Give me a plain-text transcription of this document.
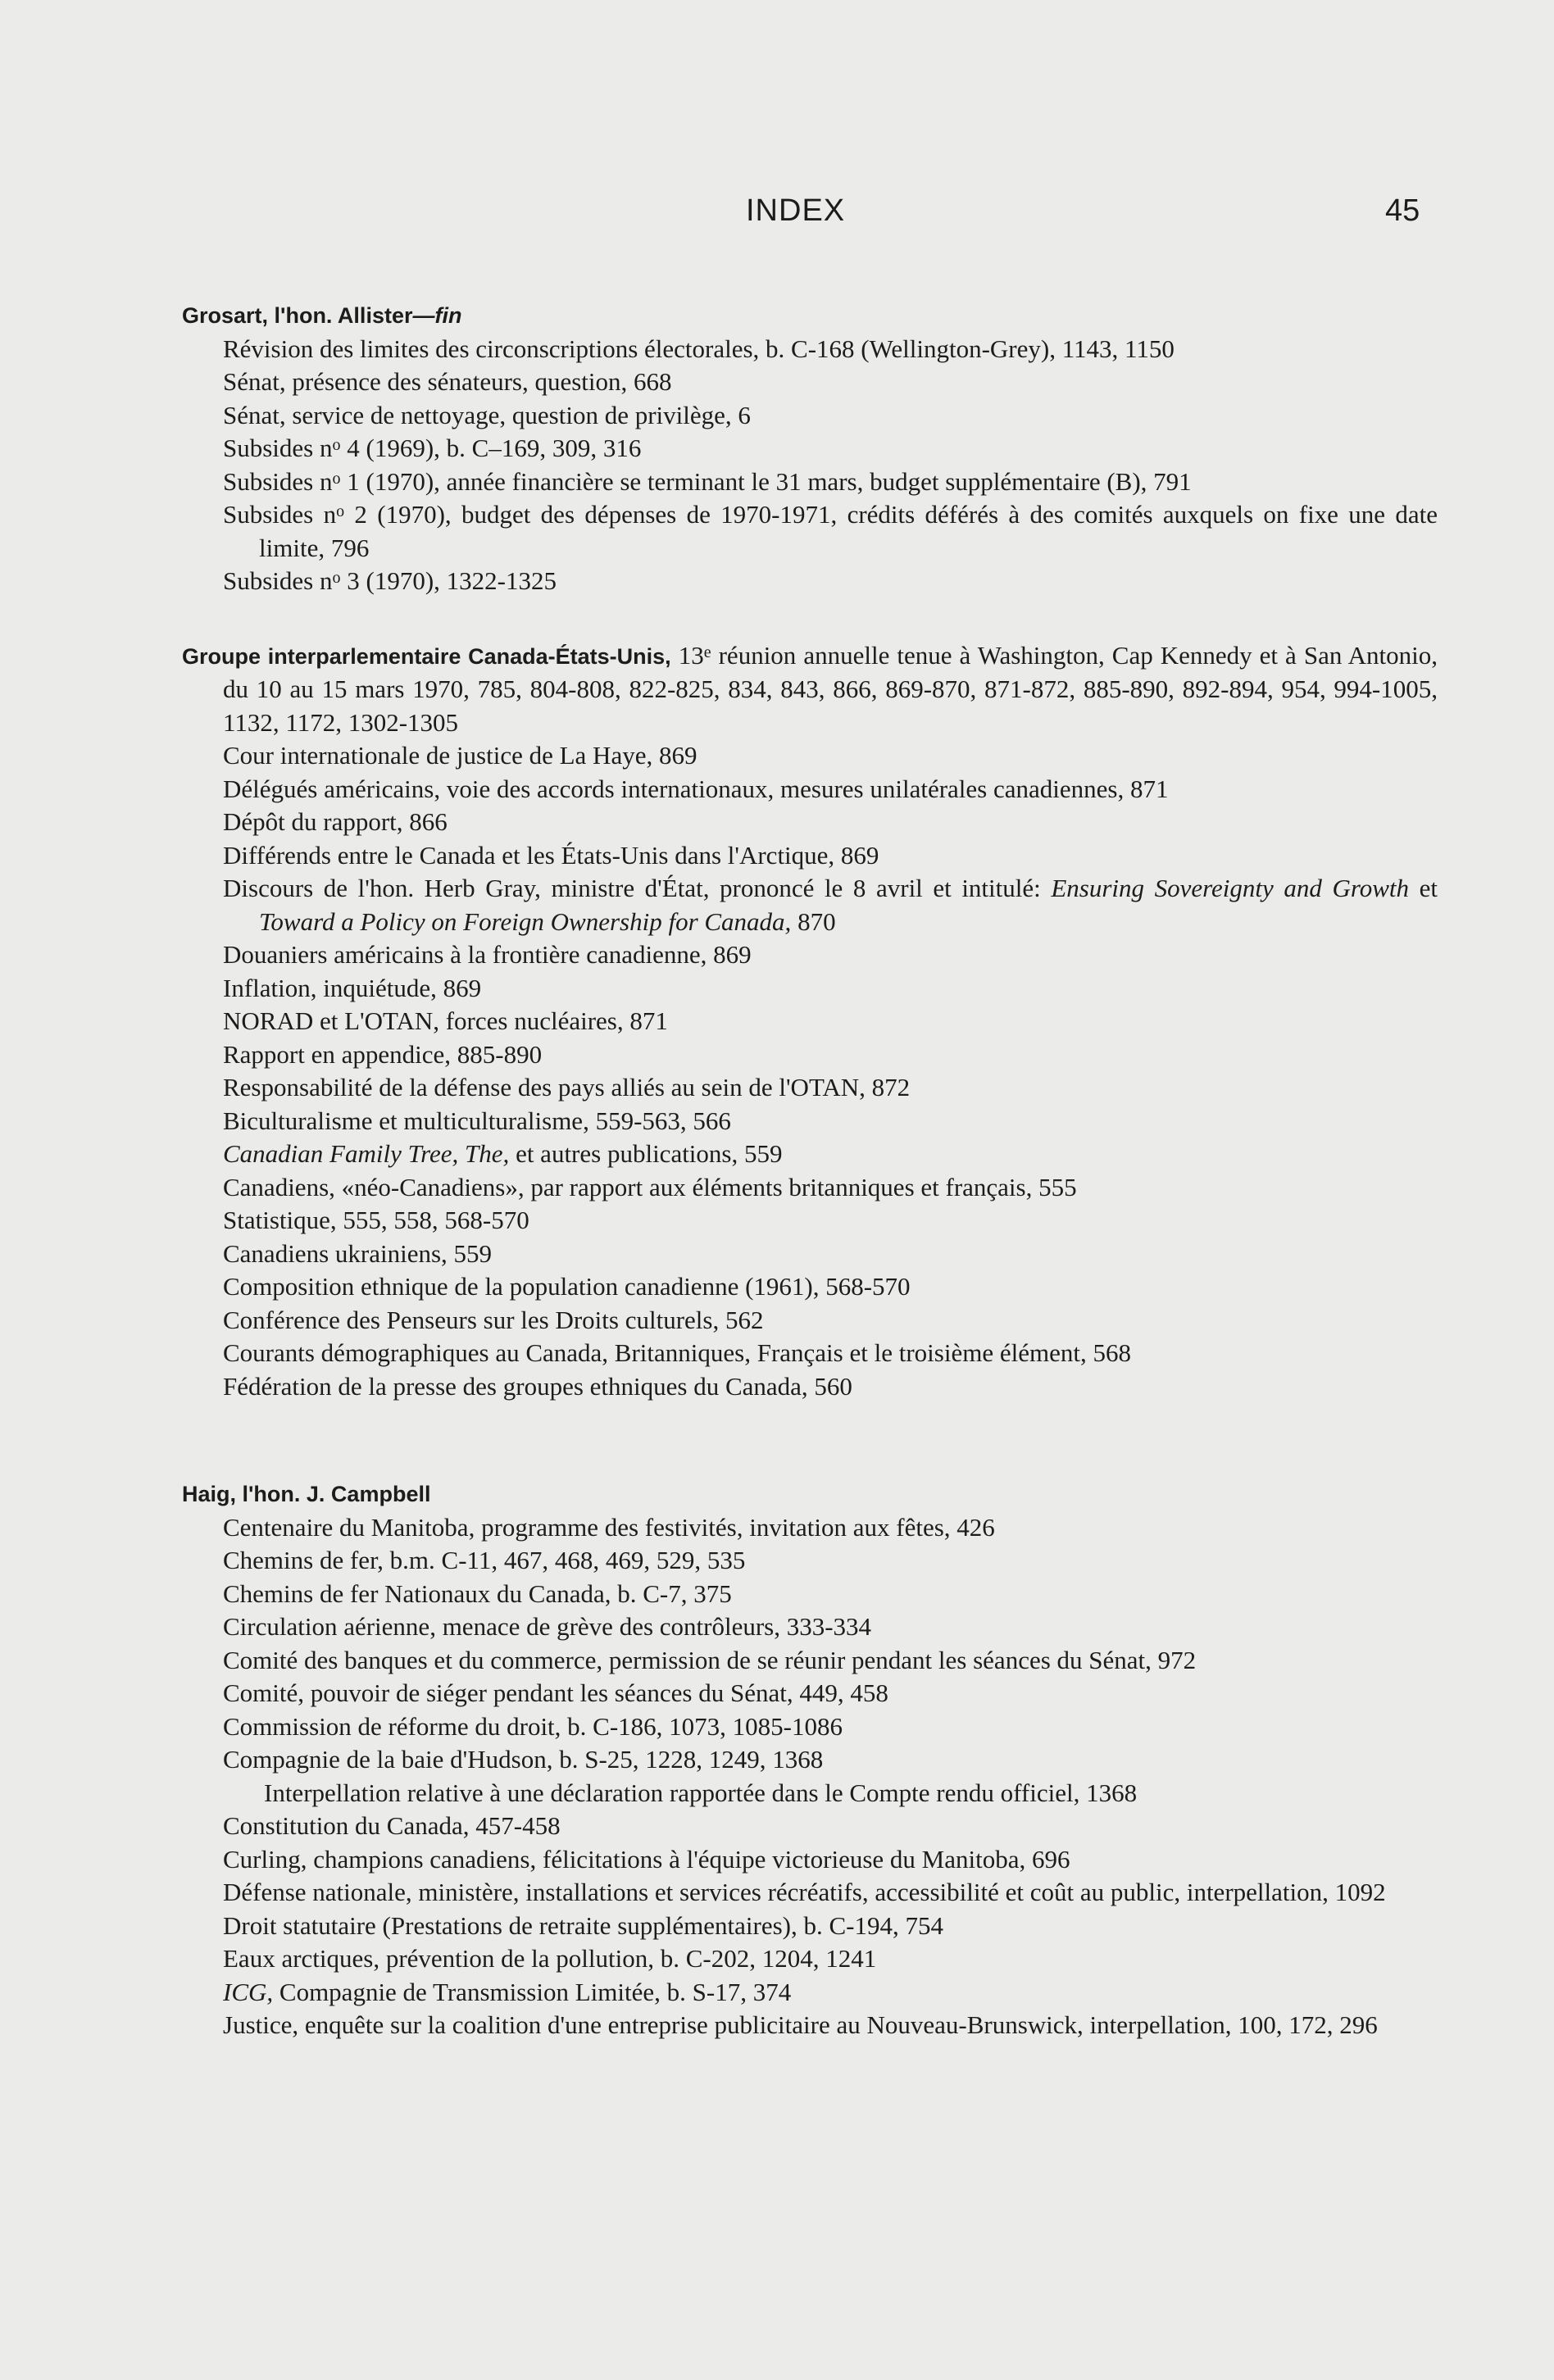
INDEX	45

Grosart, l'hon. Allister—fin

Révision des limites des circonscriptions électorales, b. C-168 (Wellington-Grey), 1143, 1150

Sénat, présence des sénateurs, question, 668

Sénat, service de nettoyage, question de privilège, 6

Subsides $n^o$ 4 (1969), b. C–169, 309, 316

Subsides $n^o$ 1 (1970), année financière se terminant le 31 mars, budget supplémentaire (B), 791

Subsides $n^o$ 2 (1970), budget des dépenses de 1970-1971, crédits déférés à des comités auxquels on fixe une date limite, 796

Subsides $n^o$ 3 (1970), 1322-1325

Groupe interparlementaire Canada-États-Unis, 13e réunion annuelle tenue à Washington, Cap Kennedy et à San Antonio, du 10 au 15 mars 1970, 785, 804-808, 822-825, 834, 843, 866, 869-870, 871-872, 885-890, 892-894, 954, 994-1005, 1132, 1172, 1302-1305

Cour internationale de justice de La Haye, 869

Délégués américains, voie des accords internationaux, mesures unilatérales canadiennes, 871

Dépôt du rapport, 866

Différends entre le Canada et les États-Unis dans l'Arctique, 869

Discours de l'hon. Herb Gray, ministre d'État, prononcé le 8 avril et intitulé: Ensuring Sovereignty and Growth et Toward a Policy on Foreign Ownership for Canada, 870

Douaniers américains à la frontière canadienne, 869

Inflation, inquiétude, 869

NORAD et L'OTAN, forces nucléaires, 871

Rapport en appendice, 885-890

Responsabilité de la défense des pays alliés au sein de l'OTAN, 872

Biculturalisme et multiculturalisme, 559-563, 566

Canadian Family Tree, The, et autres publications, 559

Canadiens, «néo-Canadiens», par rapport aux éléments britanniques et français, 555

Statistique, 555, 558, 568-570

Canadiens ukrainiens, 559

Composition ethnique de la population canadienne (1961), 568-570

Conférence des Penseurs sur les Droits culturels, 562

Courants démographiques au Canada, Britanniques, Français et le troisième élément, 568

Fédération de la presse des groupes ethniques du Canada, 560

Haig, l'hon. J. Campbell

Centenaire du Manitoba, programme des festivités, invitation aux fêtes, 426

Chemins de fer, b.m. C-11, 467, 468, 469, 529, 535

Chemins de fer Nationaux du Canada, b. C-7, 375

Circulation aérienne, menace de grève des contrôleurs, 333-334

Comité des banques et du commerce, permission de se réunir pendant les séances du Sénat, 972

Comité, pouvoir de siéger pendant les séances du Sénat, 449, 458

Commission de réforme du droit, b. C-186, 1073, 1085-1086

Compagnie de la baie d'Hudson, b. S-25, 1228, 1249, 1368

Interpellation relative à une déclaration rapportée dans le Compte rendu officiel, 1368

Constitution du Canada, 457-458

Curling, champions canadiens, félicitations à l'équipe victorieuse du Manitoba, 696

Défense nationale, ministère, installations et services récréatifs, accessibilité et coût au public, interpellation, 1092

Droit statutaire (Prestations de retraite supplémentaires), b. C-194, 754

Eaux arctiques, prévention de la pollution, b. C-202, 1204, 1241

ICG, Compagnie de Transmission Limitée, b. S-17, 374

Justice, enquête sur la coalition d'une entreprise publicitaire au Nouveau-Brunswick, interpellation, 100, 172, 296
